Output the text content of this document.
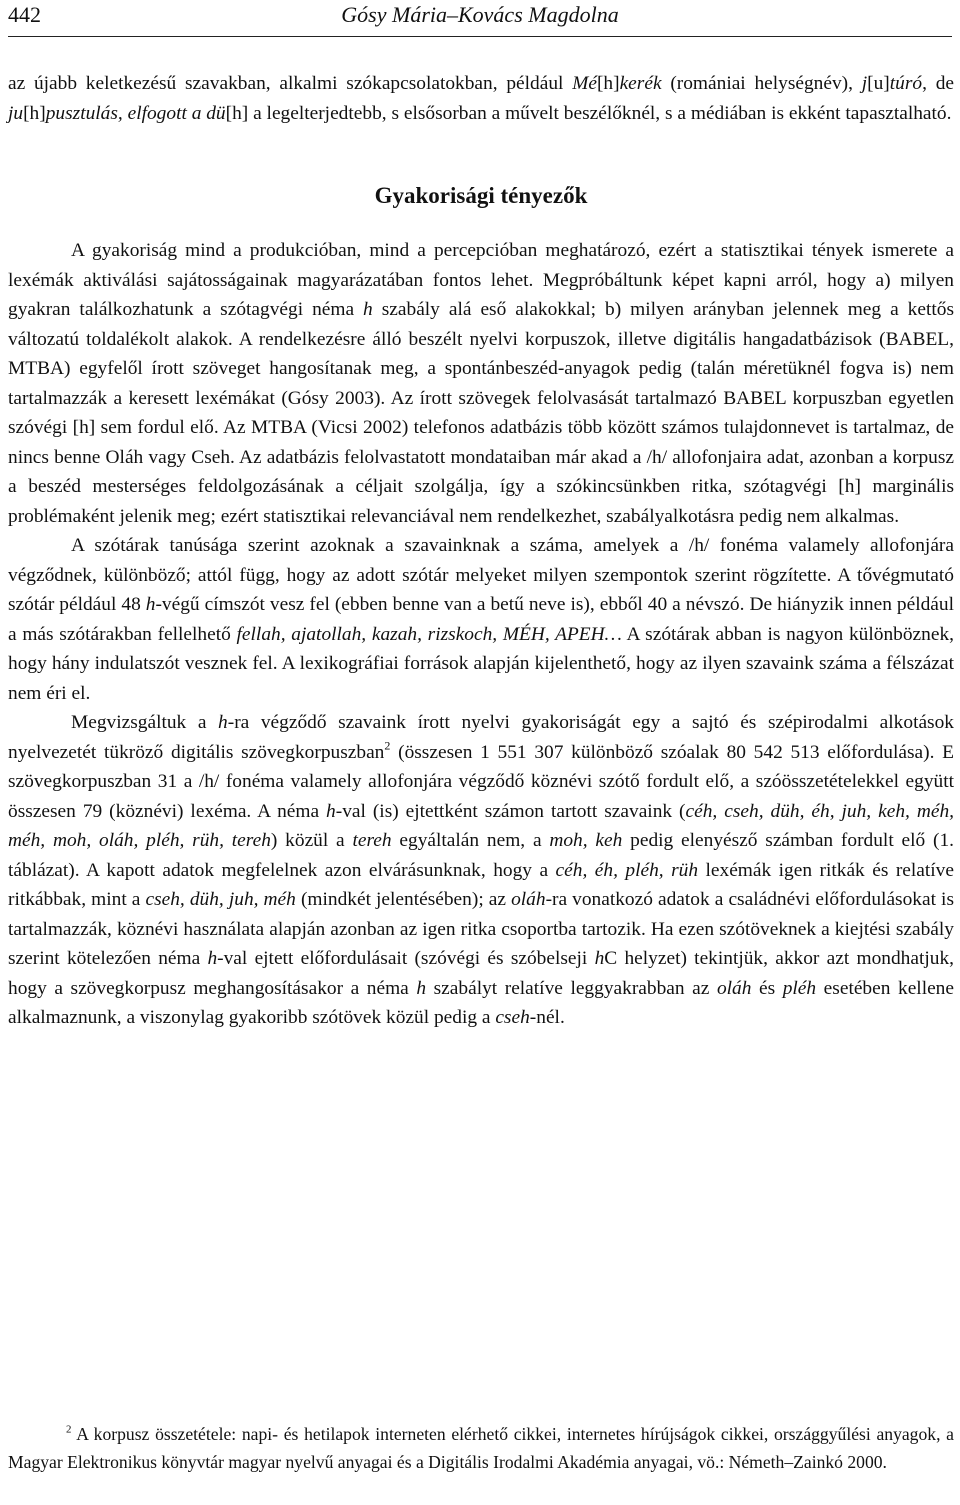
442	Gósy Mária–Kovács Magdolna

az újabb keletkezésű szavakban, alkalmi szókapcsolatokban, például Mé[h]kerék (romániai helységnév), j[u]túró, de ju[h]pusztulás, elfogott a dü[h] a legelterjedtebb, s elsősorban a művelt beszélőknél, s a médiában is ekként tapasztalható.

Gyakorisági tényezők

A gyakoriság mind a produkcióban, mind a percepcióban meghatározó, ezért a statisztikai tények ismerete a lexémák aktiválási sajátosságainak magyarázatában fontos lehet. Megpróbáltunk képet kapni arról, hogy a) milyen gyakran találkozhatunk a szótagvégi néma h szabály alá eső alakokkal; b) milyen arányban jelennek meg a kettős változatú toldalékolt alakok. A rendelkezésre álló beszélt nyelvi korpuszok, illetve digitális hangadatbázisok (BABEL, MTBA) egyfelől írott szöveget hangosítanak meg, a spontánbeszéd-anyagok pedig (talán méretüknél fogva is) nem tartalmazzák a keresett lexémákat (Gósy 2003). Az írott szövegek felolvasását tartalmazó BABEL korpuszban egyetlen szóvégi [h] sem fordul elő. Az MTBA (Vicsi 2002) telefonos adatbázis több között számos tulajdonnevet is tartalmaz, de nincs benne Oláh vagy Cseh. Az adatbázis felolvastatott mondataiban már akad a /h/ allofonjaira adat, azonban a korpusz a beszéd mesterséges feldolgozásának a céljait szolgálja, így a szókincsünkben ritka, szótagvégi [h] marginális problémaként jelenik meg; ezért statisztikai relevanciával nem rendelkezhet, szabályalkotásra pedig nem alkalmas.

A szótárak tanúsága szerint azoknak a szavainknak a száma, amelyek a /h/ fonéma valamely allofonjára végződnek, különböző; attól függ, hogy az adott szótár melyeket milyen szempontok szerint rögzítette. A tővégmutató szótár például 48 h-végű címszót vesz fel (ebben benne van a betű neve is), ebből 40 a névszó. De hiányzik innen például a más szótárakban fellelhető fellah, ajatollah, kazah, rizskoch, MÉH, APEH… A szótárak abban is nagyon különböznek, hogy hány indulatszót vesznek fel. A lexikográfiai források alapján kijelenthető, hogy az ilyen szavaink száma a félszázat nem éri el.

Megvizsgáltuk a h-ra végződő szavaink írott nyelvi gyakoriságát egy a sajtó és szépirodalmi alkotások nyelvezetét tükröző digitális szövegkorpuszban$^2$ (összesen 1 551 307 különböző szóalak 80 542 513 előfordulása). E szövegkorpuszban 31 a /h/ fonéma valamely allofonjára végződő köznévi szótő fordult elő, a szóösszetételekkel együtt összesen 79 (köznévi) lexéma. A néma h-val (is) ejtettként számon tartott szavaink (céh, cseh, düh, éh, juh, keh, méh, méh, moh, oláh, pléh, rüh, tereh) közül a tereh egyáltalán nem, a moh, keh pedig elenyésző számban fordult elő (1. táblázat). A kapott adatok megfelelnek azon elvárásunknak, hogy a céh, éh, pléh, rüh lexémák igen ritkák és relatíve ritkábbak, mint a cseh, düh, juh, méh (mindkét jelentésében); az oláh-ra vonatkozó adatok a családnévi előfordulásokat is tartalmazzák, köznévi használata alapján azonban az igen ritka csoportba tartozik. Ha ezen szótöveknek a kiejtési szabály szerint kötelezően néma h-val ejtett előfordulásait (szóvégi és szóbelseji hC helyzet) tekintjük, akkor azt mondhatjuk, hogy a szövegkorpusz meghangosításakor a néma h szabályt relatíve leggyakrabban az oláh és pléh esetében kellene alkalmaznunk, a viszonylag gyakoribb szótövek közül pedig a cseh-nél.

$^2$ A korpusz összetétele: napi- és hetilapok interneten elérhető cikkei, internetes hírújságok cikkei, országgyűlési anyagok, a Magyar Elektronikus könyvtár magyar nyelvű anyagai és a Digitális Irodalmi Akadémia anyagai, vö.: Németh–Zainkó 2000.
